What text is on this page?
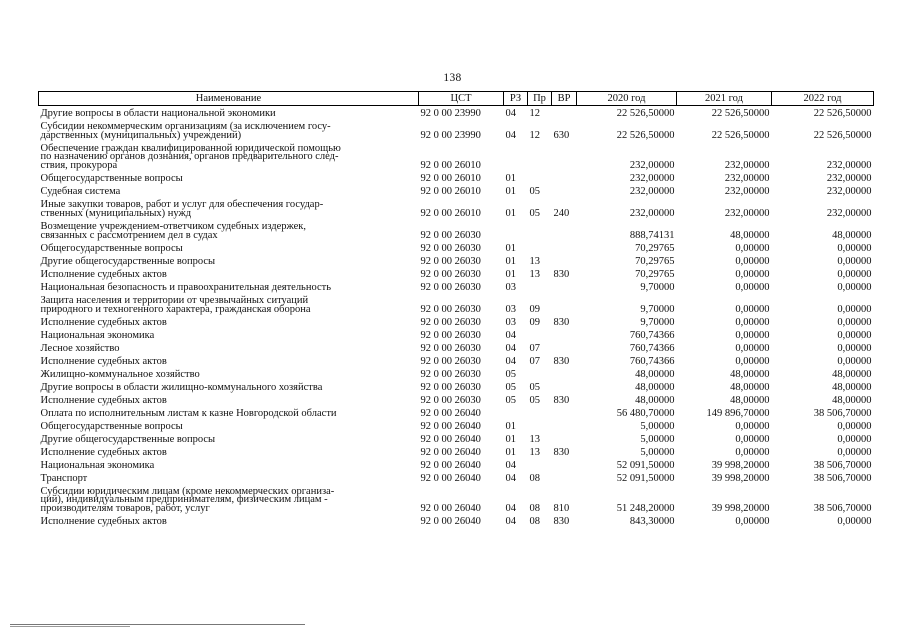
138
Наименование	ЦСТ	РЗ	Пр	ВР	2020 год	2021 год	2022 год

Другие вопросы в области национальной экономики	92 0 00 23990	04	12		22 526,50000	22 526,50000	22 526,50000

Субсидии некоммерческим организациям (за исключением госу-
дарственных (муниципальных) учреждений)	92 0 00 23990	04	12	630	22 526,50000	22 526,50000	22 526,50000

Обеспечение граждан квалифицированной юридической помощью
по назначению органов дознания, органов предварительного след-
ствия, прокурора	92 0 00 26010				232,00000	232,00000	232,00000

Общегосударственные вопросы	92 0 00 26010	01			232,00000	232,00000	232,00000

Судебная система	92 0 00 26010	01	05		232,00000	232,00000	232,00000

Иные закупки товаров, работ и услуг для обеспечения государ-
ственных (муниципальных) нужд	92 0 00 26010	01	05	240	232,00000	232,00000	232,00000

Возмещение учреждением-ответчиком судебных издержек,
связанных с рассмотрением дел в судах	92 0 00 26030				888,74131	48,00000	48,00000

Общегосударственные вопросы	92 0 00 26030	01			70,29765	0,00000	0,00000

Другие общегосударственные вопросы	92 0 00 26030	01	13		70,29765	0,00000	0,00000

Исполнение судебных актов	92 0 00 26030	01	13	830	70,29765	0,00000	0,00000

Национальная безопасность и правоохранительная деятельность	92 0 00 26030	03			9,70000	0,00000	0,00000

Защита населения и территории от чрезвычайных ситуаций
природного и техногенного характера, гражданская оборона	92 0 00 26030	03	09		9,70000	0,00000	0,00000

Исполнение судебных актов	92 0 00 26030	03	09	830	9,70000	0,00000	0,00000

Национальная экономика	92 0 00 26030	04			760,74366	0,00000	0,00000

Лесное хозяйство	92 0 00 26030	04	07		760,74366	0,00000	0,00000

Исполнение судебных актов	92 0 00 26030	04	07	830	760,74366	0,00000	0,00000

Жилищно-коммунальное хозяйство	92 0 00 26030	05			48,00000	48,00000	48,00000

Другие вопросы в области жилищно-коммунального хозяйства	92 0 00 26030	05	05		48,00000	48,00000	48,00000

Исполнение судебных актов	92 0 00 26030	05	05	830	48,00000	48,00000	48,00000

Оплата по исполнительным листам к казне Новгородской области	92 0 00 26040				56 480,70000	149 896,70000	38 506,70000

Общегосударственные вопросы	92 0 00 26040	01			5,00000	0,00000	0,00000

Другие общегосударственные вопросы	92 0 00 26040	01	13		5,00000	0,00000	0,00000

Исполнение судебных актов	92 0 00 26040	01	13	830	5,00000	0,00000	0,00000

Национальная экономика	92 0 00 26040	04			52 091,50000	39 998,20000	38 506,70000

Транспорт	92 0 00 26040	04	08		52 091,50000	39 998,20000	38 506,70000

Субсидии юридическим лицам (кроме некоммерческих организа-
ций), индивидуальным предпринимателям, физическим лицам -
производителям товаров, работ, услуг	92 0 00 26040	04	08	810	51 248,20000	39 998,20000	38 506,70000

Исполнение судебных актов	92 0 00 26040	04	08	830	843,30000	0,00000	0,00000
